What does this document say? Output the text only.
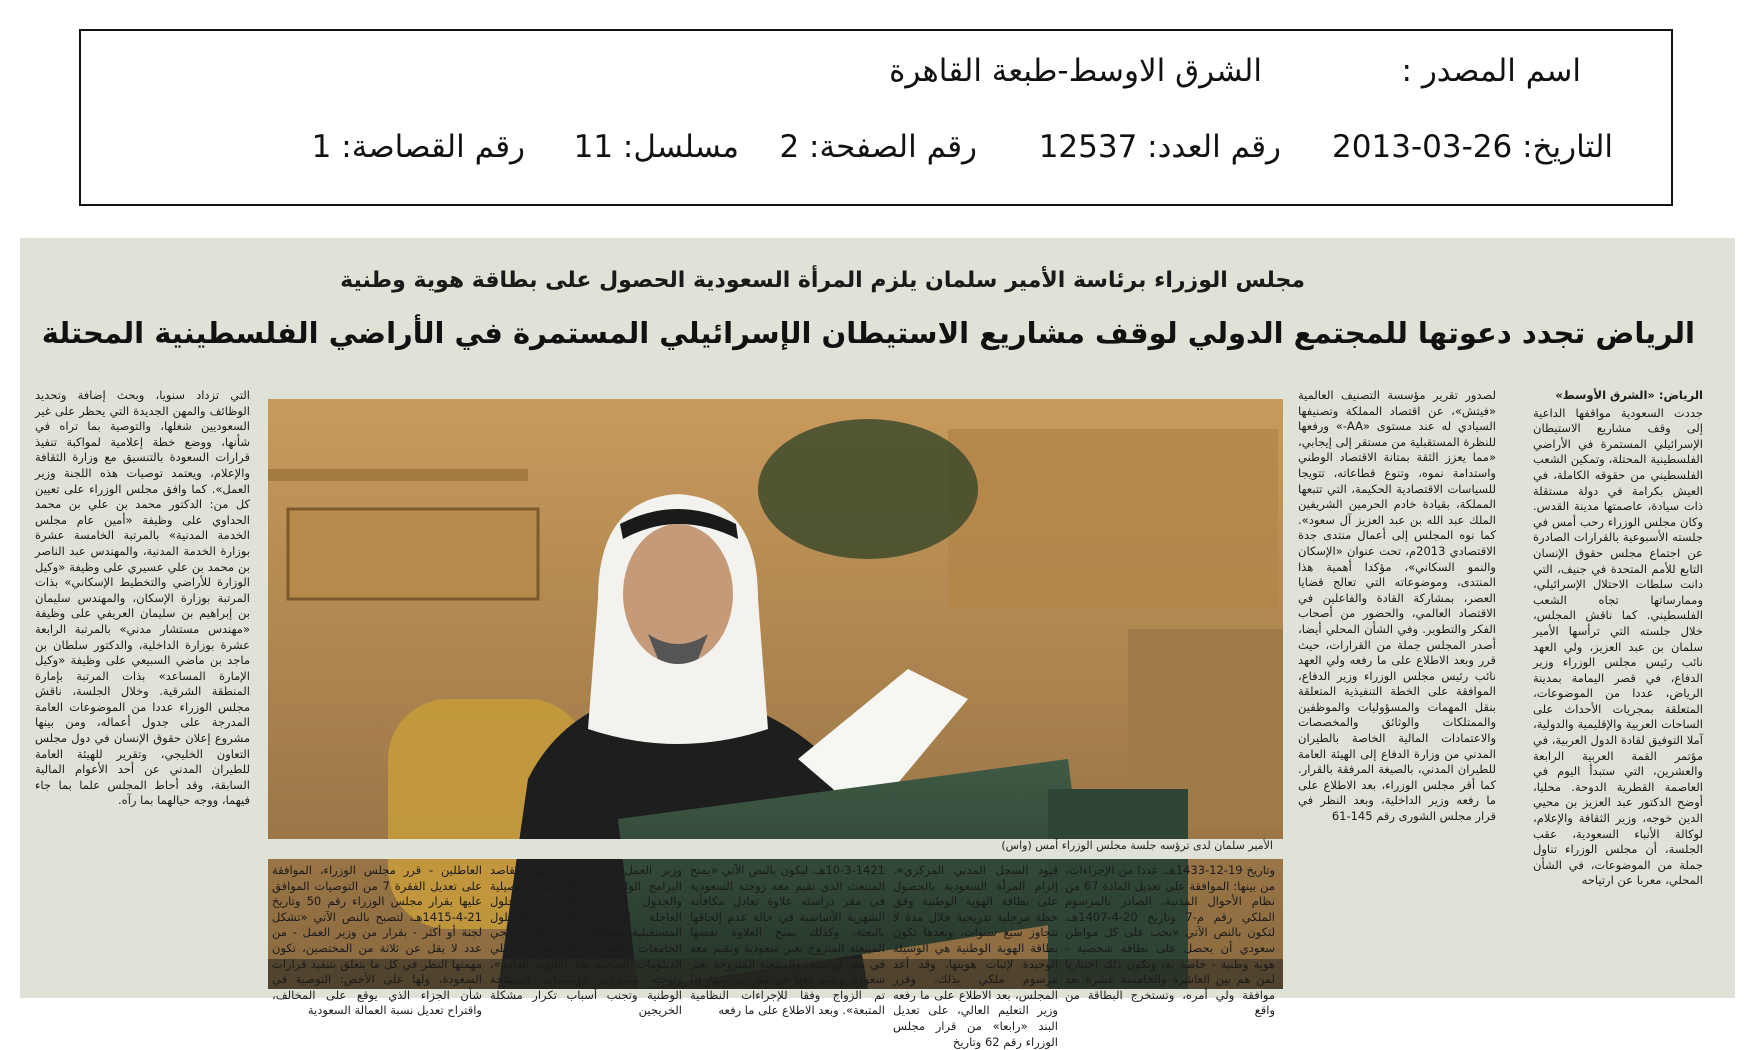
اسم المصدر :
الشرق الاوسط-طبعة القاهرة
التاريخ: 26-03-2013
رقم العدد: 12537
رقم الصفحة: 2
مسلسل: 11
رقم القصاصة: 1
مجلس الوزراء برئاسة الأمير سلمان يلزم المرأة السعودية الحصول على بطاقة هوية وطنية
الرياض تجدد دعوتها للمجتمع الدولي لوقف مشاريع الاستيطان الإسرائيلي المستمرة في الأراضي الفلسطينية المحتلة

الرياض: «الشرق الأوسط»

جددت السعودية مواقفها الداعية إلى وقف مشاريع الاستيطان الإسرائيلي المستمرة في الأراضي الفلسطينية المحتلة، وتمكين الشعب الفلسطيني من حقوقه الكاملة، في العيش بكرامة في دولة مستقلة ذات سيادة، عاصمتها مدينة القدس. وكان مجلس الوزراء رحب أمس في جلسته الأسبوعية بالقرارات الصادرة عن اجتماع مجلس حقوق الإنسان التابع للأمم المتحدة في جنيف، التي دانت سلطات الاحتلال الإسرائيلي، وممارساتها تجاه الشعب الفلسطيني. كما ناقش المجلس، خلال جلسته التي ترأسها الأمير سلمان بن عبد العزيز، ولي العهد نائب رئيس مجلس الوزراء وزير الدفاع، في قصر اليمامة بمدينة الرياض، عددا من الموضوعات، المتعلقة بمجريات الأحداث على الساحات العربية والإقليمية والدولية، آملا التوفيق لقادة الدول العربية، في مؤتمر القمة العربية الرابعة والعشرين، التي ستبدأ اليوم في العاصمة القطرية الدوحة. محليا، أوضح الدكتور عبد العزيز بن محيي الدين خوجه، وزير الثقافة والإعلام، لوكالة الأنباء السعودية، عقب الجلسة، أن مجلس الوزراء تناول جملة من الموضوعات، في الشأن المحلي، معربا عن ارتياحه

لصدور تقرير مؤسسة التصنيف العالمية «فيتش»، عن اقتصاد المملكة وتصنيفها السيادي له عند مستوى «AA-» ورفعها للنظرة المستقبلية من مستقر إلى إيجابي، «مما يعزز الثقة بمتانة الاقتصاد الوطني واستدامة نموه، وتنوع قطاعاته، تتويجا للسياسات الاقتصادية الحكيمة، التي تتبعها المملكة، بقيادة خادم الحرمين الشريفين الملك عبد الله بن عبد العزيز آل سعود». كما نوه المجلس إلى أعمال منتدى جدة الاقتصادي 2013م، تحت عنوان «الإسكان والنمو السكاني»، مؤكدا أهمية هذا المنتدى، وموضوعاته التي تعالج قضايا العصر، بمشاركة القادة والفاعلين في الاقتصاد العالمي، والحضور من أصحاب الفكر والتطوير. وفي الشأن المحلي أيضا، أصدر المجلس جملة من القرارات، حيث قرر وبعد الاطلاع على ما رفعه ولي العهد نائب رئيس مجلس الوزراء وزير الدفاع، الموافقة على الخطة التنفيذية المتعلقة بنقل المهمات والمسؤوليات والموظفين والممتلكات والوثائق والمخصصات والاعتمادات المالية الخاصة بالطيران المدني من وزارة الدفاع إلى الهيئة العامة للطيران المدني، بالصيغة المرفقة بالقرار. كما أقر مجلس الوزراء، بعد الاطلاع على ما رفعه وزير الداخلية، وبعد النظر في قرار مجلس الشورى رقم 145-61

الأمير سلمان لدى ترؤسه جلسة مجلس الوزراء أمس (واس)

التي تزداد سنويا، وبحث إضافة وتحديد الوظائف والمهن الجديدة التي يحظر على غير السعوديين شغلها، والتوصية بما تراه في شأنها، ووضع خطة إعلامية لمواكبة تنفيذ قرارات السعودة بالتنسيق مع وزارة الثقافة والإعلام، ويعتمد توصيات هذه اللجنة وزير العمل». كما وافق مجلس الوزراء على تعيين كل من: الدكتور محمد بن علي بن محمد الحداوي على وظيفة «أمين عام مجلس الخدمة المدنية» بالمرتبة الخامسة عشرة بوزارة الخدمة المدنية، والمهندس عبد الناصر بن محمد بن علي عسيري على وظيفة «وكيل الوزارة للأراضي والتخطيط الإسكاني» بذات المرتبة بوزارة الإسكان، والمهندس سليمان بن إبراهيم بن سليمان العريفي على وظيفة «مهندس مستشار مدني» بالمرتبة الرابعة عشرة بوزارة الداخلية، والدكتور سلطان بن ماجد بن ماضي السبيعي على وظيفة «وكيل الإمارة المساعد» بذات المرتبة بإمارة المنطقة الشرقية. وخلال الجلسة، ناقش مجلس الوزراء عددا من الموضوعات العامة المدرجة على جدول أعماله، ومن بينها مشروع إعلان حقوق الإنسان في دول مجلس التعاون الخليجي، وتقرير للهيئة العامة للطيران المدني عن أحد الأعوام المالية السابقة، وقد أحاط المجلس علما بما جاء فيهما، ووجه حيالهما بما رآه.

وتاريخ 19-12-1433هـ، عددا من الإجراءات، من بينها: الموافقة على تعديل المادة 67 من نظام الأحوال المدنية، الصادر بالمرسوم الملكي رقم م-7 وتاريخ 20-4-1407هـ، لتكون بالنص الآتي «يجب على كل مواطن سعودي أن يحصل على بطاقة شخصية - هوية وطنية - خاصة به، ويكون ذلك اختياريا لمن هم بين العاشرة والخامسة عشرة بعد موافقة ولي أمره، وتستخرج البطاقة من واقع

قيود السجل المدني المركزي». إلزام المرأة السعودية بالحصول على بطاقة الهوية الوطنية وفق خطة مرحلية تدريجية خلال مدة لا تتجاوز سبع سنوات، وبعدها تكون بطاقة الهوية الوطنية هي الوسيلة الوحيدة لإثبات هويتها، وقد أعد مرسوم ملكي بذلك. وقرر المجلس، بعد الاطلاع على ما رفعه وزير التعليم العالي، على تعديل البند «رابعا» من قرار مجلس الوزراء رقم 62 وتاريخ

10-3-1421هـ، ليكون بالنص الآتي «يمنح المبتعث الذي تقيم معه زوجته السعودية في مقر دراسته علاوة تعادل مكافأته الشهرية الأساسية في حالة عدم إلحاقها بالبعثة، وكذلك يمنح العلاوة نفسها المبتعثة المتزوج بغير سعودية وتقيم معه في مقر دراسته، والمبتعثة المتزوجة بغير سعودي ويقيم معها في مقر دراستها، إذا تم الزواج وفقا للإجراءات النظامية المتبعة». وبعد الاطلاع على ما رفعه

وزير العمل في شأن تحقيق مقاصد البرامج الواردة في «الخطة التفصيلية والجدول الزمني المتضمنة الحلول العاجلة القصيرة المدى والحلول المستقبلية لمعالجة تزايد أعداد خريجي الجامعات المعدين للتدريس وحاملي الدبلومات الصحية بعد الثانوية العامة»، وتوجيه مسارات مؤسسات المصلحة الوطنية وتجنب أسباب تكرار مشكلة الخريجين

العاطلين - قرر مجلس الوزراء، الموافقة على تعديل الفقرة 7 من التوصيات الموافق عليها بقرار مجلس الوزراء رقم 50 وتاريخ 21-4-1415هـ، لتصبح بالنص الآتي «تشكل لجنة أو أكثر - بقرار من وزير العمل - من عدد لا يقل عن ثلاثة من المختصين، تكون مهمتها النظر في كل ما يتعلق بتنفيذ قرارات السعودة، ولها على الأخص: التوصية في شأن الجزاء الذي يوقع على المخالف، واقتراح تعديل نسبة العمالة السعودية
